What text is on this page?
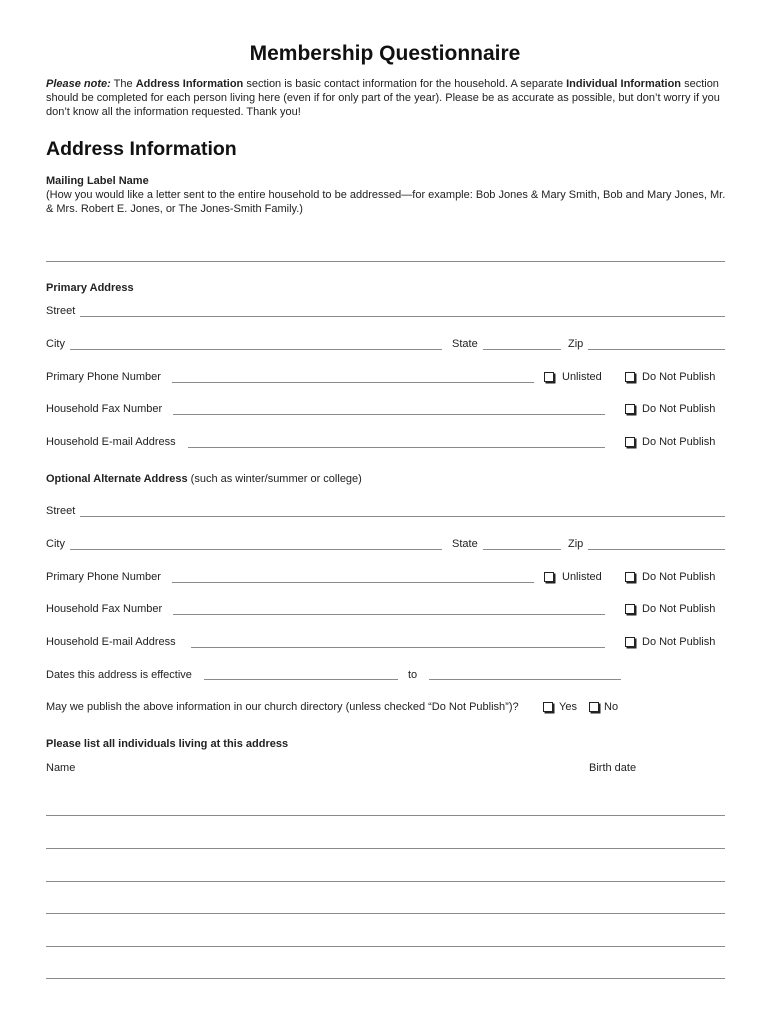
Membership Questionnaire
Please note: The Address Information section is basic contact information for the household. A separate Individual Information section should be completed for each person living here (even if for only part of the year). Please be as accurate as possible, but don’t worry if you don’t know all the information requested. Thank you!
Address Information
Mailing Label Name
(How you would like a letter sent to the entire household to be addressed—for example: Bob Jones & Mary Smith, Bob and Mary Jones, Mr. & Mrs. Robert E. Jones, or The Jones-Smith Family.)
Primary Address
Street
City	State	Zip
Primary Phone Number	Unlisted	Do Not Publish
Household Fax Number	Do Not Publish
Household E-mail Address	Do Not Publish
Optional Alternate Address (such as winter/summer or college)
Street
City	State	Zip
Primary Phone Number	Unlisted	Do Not Publish
Household Fax Number	Do Not Publish
Household E-mail Address	Do Not Publish
Dates this address is effective	to
May we publish the above information in our church directory (unless checked “Do Not Publish”)?	Yes No
Please list all individuals living at this address
Name	Birth date
